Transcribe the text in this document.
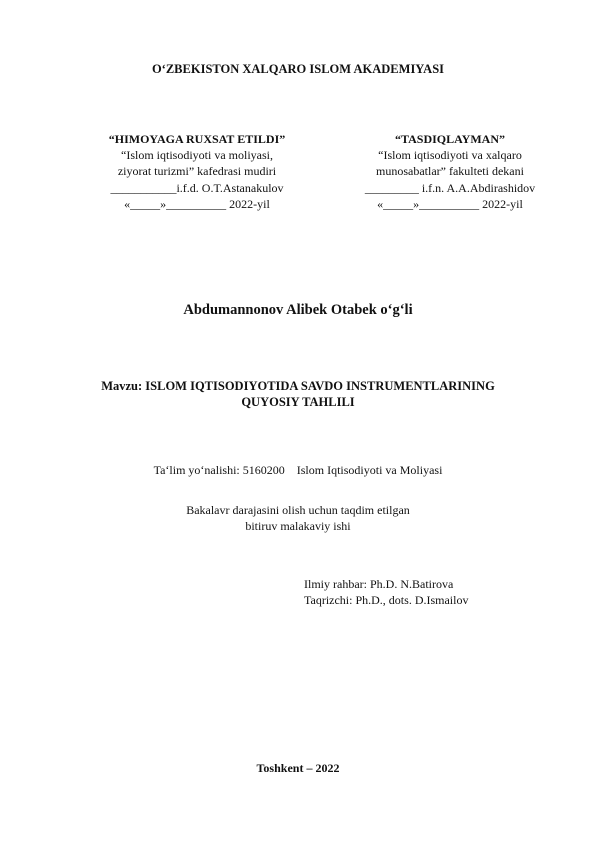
O‘ZBEKISTON XALQARO ISLOM AKADEMIYASI
“HIMOYAGA RUXSAT ETILDI”
“Islom iqtisodiyoti va moliyasi,
ziyorat turizmi” kafedrasi mudiri
___________i.f.d. O.T.Astanakulov
«_____»__________ 2022-yil
“TASDIQLAYMAN”
“Islom iqtisodiyoti va xalqaro
munosabatlar” fakulteti dekani
_________ i.f.n. A.A.Abdirashidov
«_____»__________ 2022-yil
Abdumannonov Alibek Otabek o‘g‘li
Mavzu: ISLOM IQTISODIYOTIDA SAVDO INSTRUMENTLARINING
QUYOSIY TAHLILI
Ta‘lim yo‘nalishi: 5160200    Islom Iqtisodiyoti va Moliyasi
Bakalavr darajasini olish uchun taqdim etilgan
bitiruv malakaviy ishi
Ilmiy rahbar: Ph.D. N.Batirova
Taqrizchi: Ph.D., dots. D.Ismailov
Toshkent – 2022
